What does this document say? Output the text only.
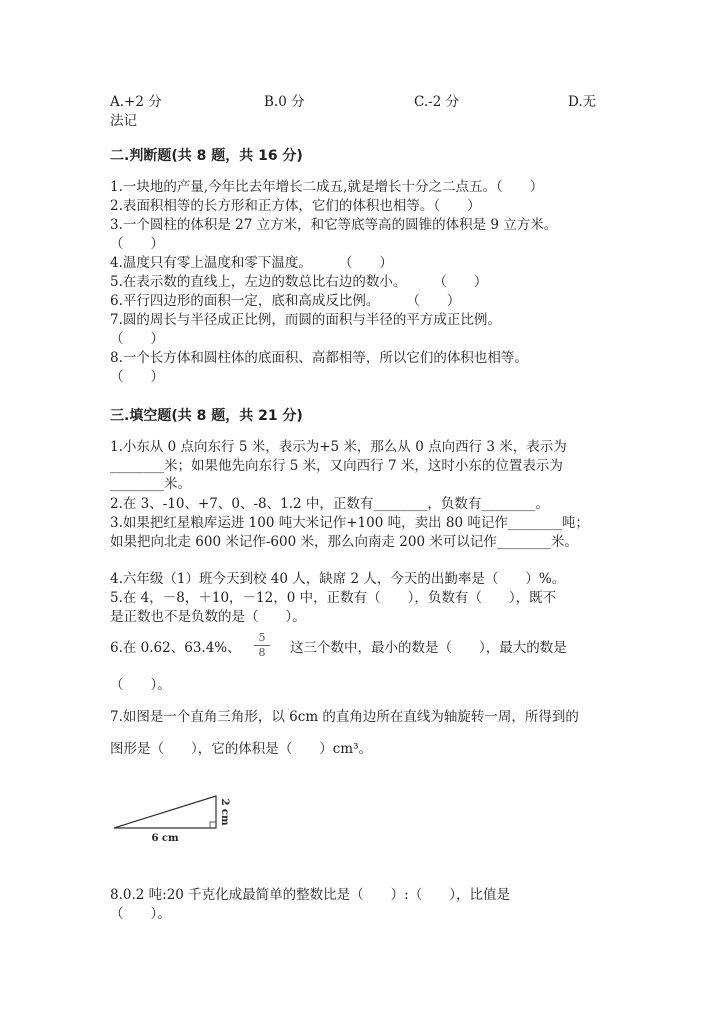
A.+2 分	B.0 分	C.-2 分	D.无
法记
二.判断题(共 8 题，共 16 分)
1.一块地的产量,今年比去年增长二成五,就是增长十分之二点五。（　　）
2.表面积相等的长方形和正方体，它们的体积也相等。（　　）
3.一个圆柱的体积是 27 立方米，和它等底等高的圆锥的体积是 9 立方米。
（　　）
4.温度只有零上温度和零下温度。　　　（　　）
5.在表示数的直线上，左边的数总比右边的数小。　　　（　　）
6.平行四边形的面积一定，底和高成反比例。　　　（　　）
7.圆的周长与半径成正比例，而圆的面积与半径的平方成正比例。
（　　）
8.一个长方体和圆柱体的底面积、高都相等，所以它们的体积也相等。
（　　）
三.填空题(共 8 题，共 21 分)
1.小东从 0 点向东行 5 米，表示为+5 米，那么从 0 点向西行 3 米，表示为
________米；如果他先向东行 5 米，又向西行 7 米，这时小东的位置表示为
________米。
2.在 3、-10、+7、0、-8、1.2 中，正数有________，负数有________。
3.如果把红星粮库运进 100 吨大米记作+100 吨，卖出 80 吨记作________吨；
如果把向北走 600 米记作-600 米，那么向南走 200 米可以记作________米。
4.六年级（1）班今天到校 40 人，缺席 2 人，今天的出勤率是（　　）%。
5.在 4，－8，＋10，－12，0 中，正数有（　　），负数有（　　），既不
是正数也不是负数的是（　　）。
6.在 0.62、63.4%、
5
8	这三个数中，最小的数是（　　），最大的数是
（　　）。
7.如图是一个直角三角形，以 6cm 的直角边所在直线为轴旋转一周，所得到的
图形是（　　），它的体积是（　　）cm³。
6 cm
2 cm
8.0.2 吨:20 千克化成最简单的整数比是（　　）:（　　），比值是
（　　）。
